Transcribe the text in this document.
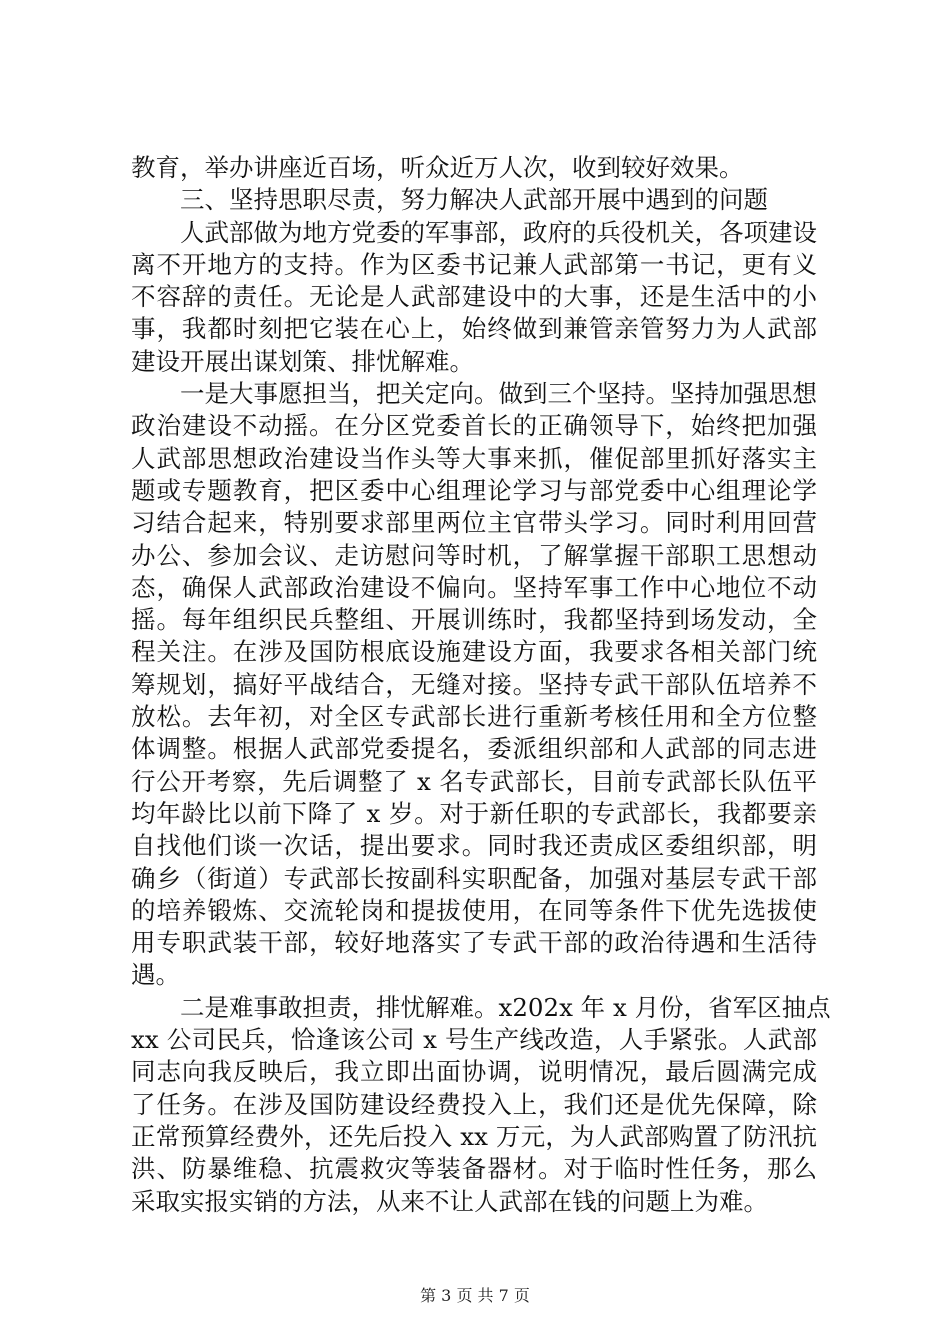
教育，举办讲座近百场，听众近万人次，收到较好效果。
三、坚持思职尽责，努力解决人武部开展中遇到的问题
人武部做为地方党委的军事部，政府的兵役机关，各项建设
离不开地方的支持。作为区委书记兼人武部第一书记，更有义
不容辞的责任。无论是人武部建设中的大事，还是生活中的小
事，我都时刻把它装在心上，始终做到兼管亲管努力为人武部
建设开展出谋划策、排忧解难。
一是大事愿担当，把关定向。做到三个坚持。坚持加强思想
政治建设不动摇。在分区党委首长的正确领导下，始终把加强
人武部思想政治建设当作头等大事来抓，催促部里抓好落实主
题或专题教育，把区委中心组理论学习与部党委中心组理论学
习结合起来，特别要求部里两位主官带头学习。同时利用回营
办公、参加会议、走访慰问等时机，了解掌握干部职工思想动
态，确保人武部政治建设不偏向。坚持军事工作中心地位不动
摇。每年组织民兵整组、开展训练时，我都坚持到场发动，全
程关注。在涉及国防根底设施建设方面，我要求各相关部门统
筹规划，搞好平战结合，无缝对接。坚持专武干部队伍培养不
放松。去年初，对全区专武部长进行重新考核任用和全方位整
体调整。根据人武部党委提名，委派组织部和人武部的同志进
行公开考察，先后调整了 x 名专武部长，目前专武部长队伍平
均年龄比以前下降了 x 岁。对于新任职的专武部长，我都要亲
自找他们谈一次话，提出要求。同时我还责成区委组织部，明
确乡（街道）专武部长按副科实职配备，加强对基层专武干部
的培养锻炼、交流轮岗和提拔使用，在同等条件下优先选拔使
用专职武装干部，较好地落实了专武干部的政治待遇和生活待
遇。
二是难事敢担责，排忧解难。x202x 年 x 月份，省军区抽点
xx 公司民兵，恰逢该公司 x 号生产线改造，人手紧张。人武部
同志向我反映后，我立即出面协调，说明情况，最后圆满完成
了任务。在涉及国防建设经费投入上，我们还是优先保障，除
正常预算经费外，还先后投入 xx 万元，为人武部购置了防汛抗
洪、防暴维稳、抗震救灾等装备器材。对于临时性任务，那么
采取实报实销的方法，从来不让人武部在钱的问题上为难。
第 3 页 共 7 页
